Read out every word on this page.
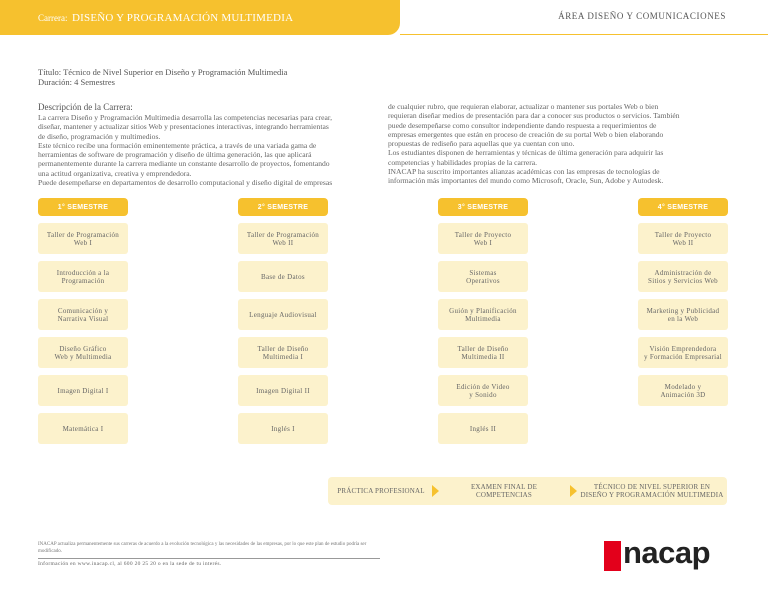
Carrera: DISEÑO Y PROGRAMACIÓN MULTIMEDIA	ÁREA DISEÑO Y COMUNICACIONES
Título: Técnico de Nivel Superior en Diseño y Programación Multimedia
Duración: 4 Semestres
Descripción de la Carrera:
La carrera Diseño y Programación Multimedia desarrolla las competencias necesarias para crear,
diseñar, mantener y actualizar sitios Web y presentaciones interactivas, integrando herramientas
de diseño, programación y multimedios.
Este técnico recibe una formación eminentemente práctica, a través de una variada gama de
herramientas de software de programación y diseño de última generación, las que aplicará
permanentemente durante la carrera mediante un constante desarrollo de proyectos, fomentando
una actitud organizativa, creativa y emprendedora.
Puede desempeñarse en departamentos de desarrollo computacional y diseño digital de empresas
de cualquier rubro, que requieran elaborar, actualizar o mantener sus portales Web o bien
requieran diseñar medios de presentación para dar a conocer sus productos o servicios. También
puede desempeñarse como consultor independiente dando respuesta a requerimientos de
empresas emergentes que están en proceso de creación de su portal Web o bien elaborando
propuestas de rediseño para aquellas que ya cuentan con uno.
Los estudiantes disponen de herramientas y técnicas de última generación para adquirir las
competencias y habilidades propias de la carrera.
INACAP ha suscrito importantes alianzas académicas con las empresas de tecnologías de
información más importantes del mundo como Microsoft, Oracle, Sun, Adobe y Autodesk.
1° SEMESTRE
Taller de Programación
Web I
Introducción a la
Programación
Comunicación y
Narrativa Visual
Diseño Gráfico
Web y Multimedia
Imagen Digital I
Matemática I
2° SEMESTRE
Taller de Programación
Web II
Base de Datos
Lenguaje Audiovisual
Taller de Diseño
Multimedia I
Imagen Digital II
Inglés I
3° SEMESTRE
Taller de Proyecto
Web I
Sistemas
Operativos
Guión y Planificación
Multimedia
Taller de Diseño
Multimedia II
Edición de Video
y Sonido
Inglés II
4° SEMESTRE
Taller de Proyecto
Web II
Administración de
Sitios y Servicios Web
Marketing y Publicidad
en la Web
Visión Emprendedora
y Formación Empresarial
Modelado y
Animación 3D
PRÁCTICA PROFESIONAL	EXAMEN FINAL DE COMPETENCIAS
TÉCNICO DE NIVEL SUPERIOR EN
DISEÑO Y PROGRAMACIÓN MULTIMEDIA
INACAP actualiza permanentemente sus carreras de acuerdo a la evolución tecnológica y las necesidades de las empresas, por lo que este plan de estudio podría ser modificado.
Información en www.inacap.cl, al 600 20 25 20 o en la sede de tu interés.	nacap
